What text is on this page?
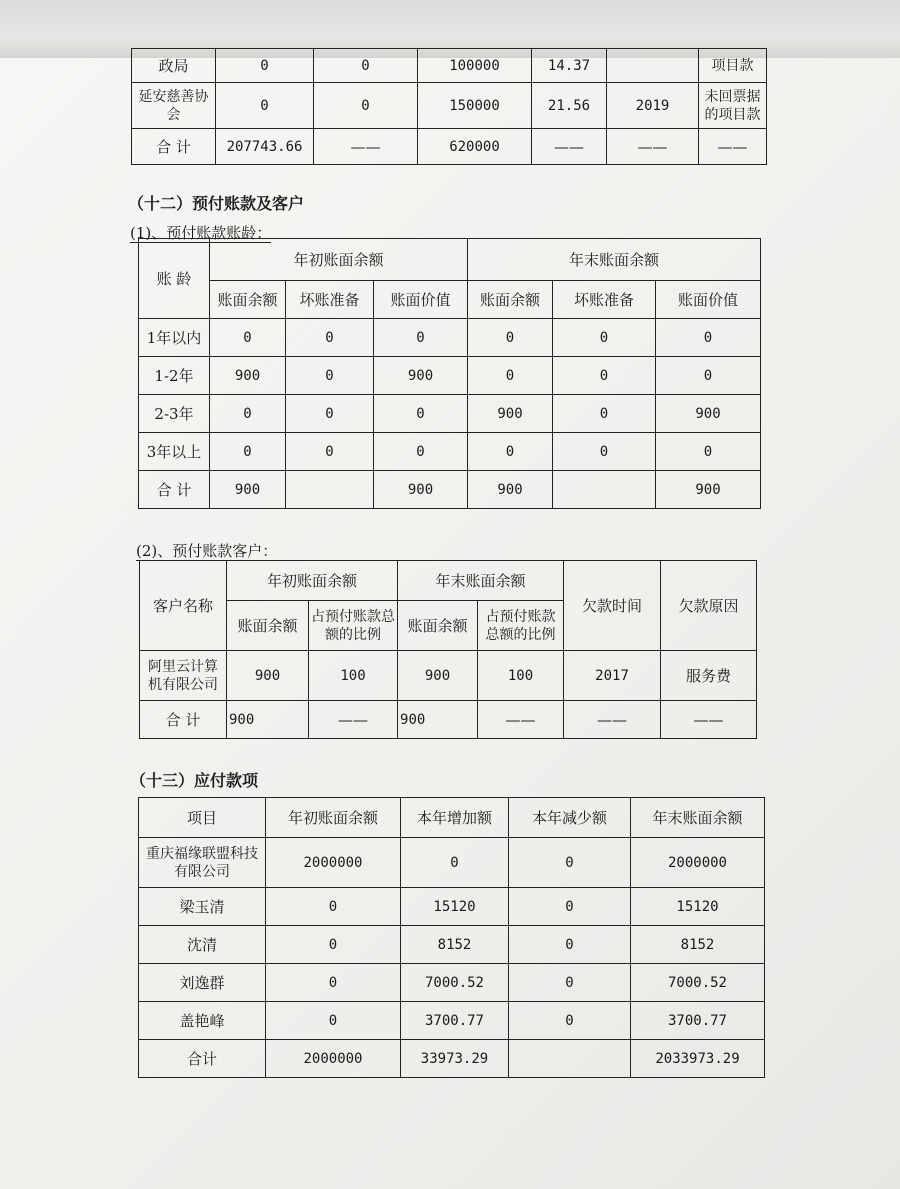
政局	0	0	100000	14.37		项目款
延安慈善协会	0	0	150000	21.56	2019	未回票据的项目款
合 计	207743.66	——	620000	——	——	——
（十二）预付账款及客户
(1)、预付账款账龄：
账 龄	年初账面余额			年末账面余额		
	账面余额	坏账准备	账面价值	账面余额	坏账准备	账面价值
1年以内	0	0	0	0	0	0
1-2年	900	0	900	0	0	0
2-3年	0	0	0	900	0	900
3年以上	0	0	0	0	0	0
合 计	900		900	900		900
(2)、预付账款客户：
客户名称	年初账面余额		年末账面余额		欠款时间	欠款原因
	账面余额	占预付账款总额的比例	账面余额	占预付账款总额的比例		
阿里云计算机有限公司	900	100	900	100	2017	服务费
合 计	900	——	900	——	——	——
（十三）应付款项
项目	年初账面余额	本年增加额	本年减少额	年末账面余额
重庆福缘联盟科技有限公司	2000000	0	0	2000000
梁玉清	0	15120	0	15120
沈清	0	8152	0	8152
刘逸群	0	7000.52	0	7000.52
盖艳峰	0	3700.77	0	3700.77
合计	2000000	33973.29		2033973.29
